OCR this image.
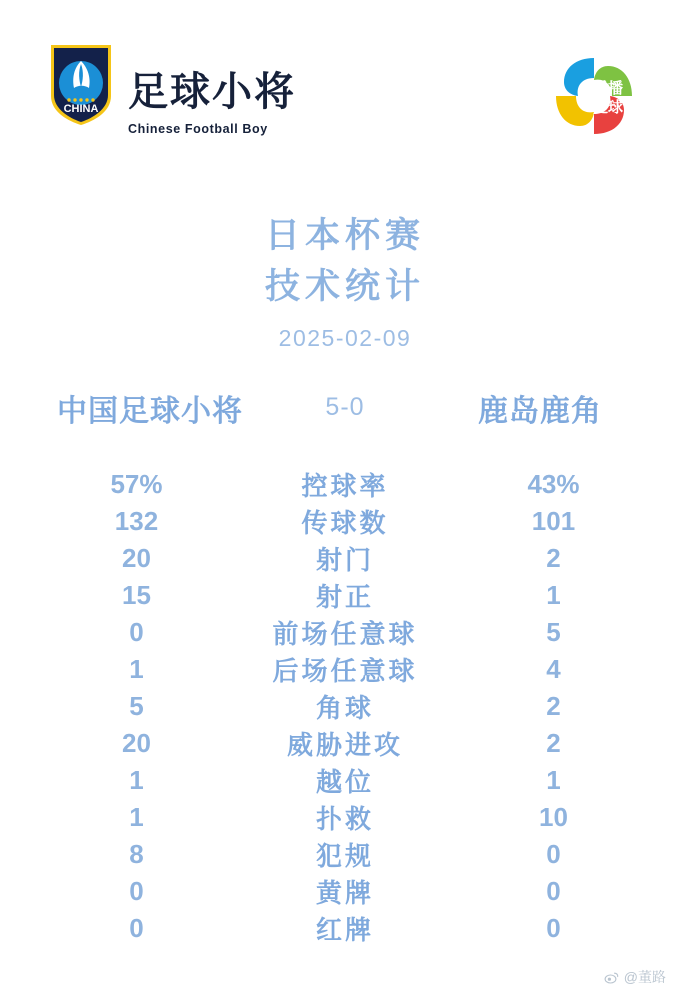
CHINA 足球小将
Chinese Football Boy
乐播
足球
日本杯赛
技术统计
2025-02-09
中国足球小将	5-0	鹿岛鹿角
57%	控球率	43%
132	传球数	101
20	射门	2
15	射正	1
0	前场任意球	5
1	后场任意球	4
5	角球	2
20	威胁进攻	2
1	越位	1
1	扑救	10
8	犯规	0
0	黄牌	0
0	红牌	0
@董路
